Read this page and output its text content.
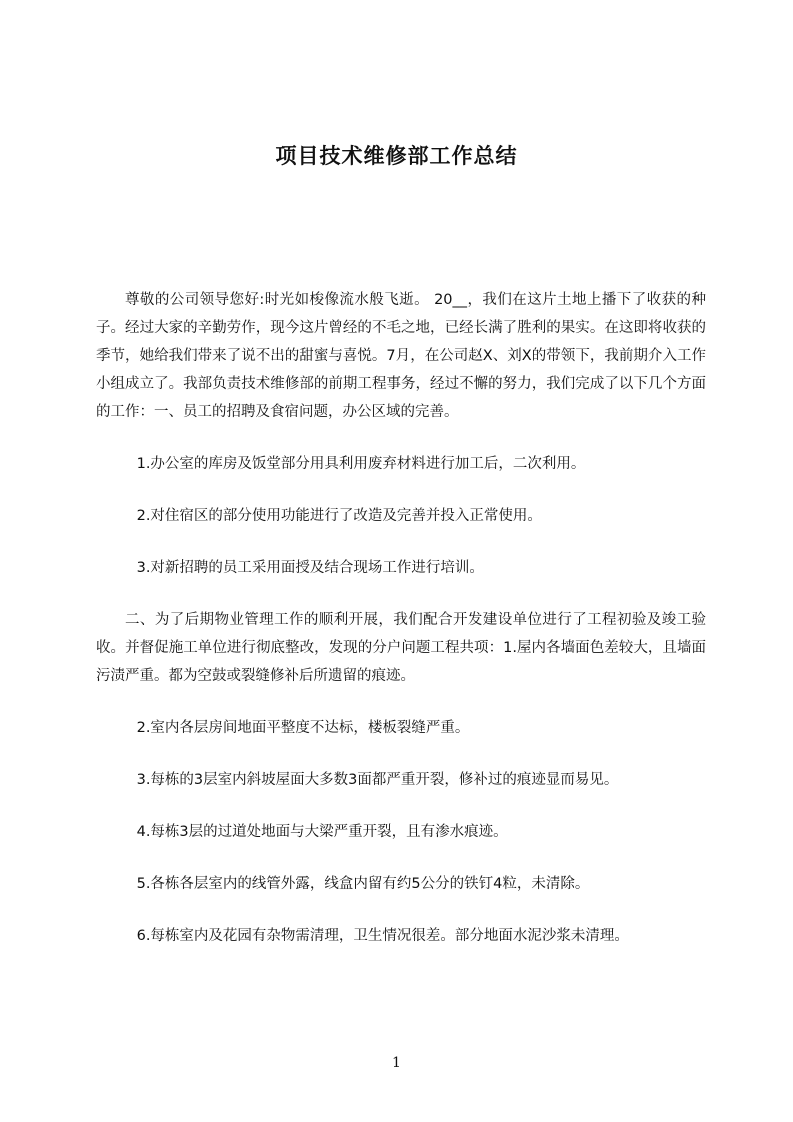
项目技术维修部工作总结

尊敬的公司领导您好:时光如梭像流水般飞逝。 20__，我们在这片土地上播下了收获的种子。经过大家的辛勤劳作，现今这片曾经的不毛之地，已经长满了胜利的果实。在这即将收获的季节，她给我们带来了说不出的甜蜜与喜悦。7月，在公司赵X、刘X的带领下，我前期介入工作小组成立了。我部负责技术维修部的前期工程事务，经过不懈的努力，我们完成了以下几个方面的工作：一、员工的招聘及食宿问题，办公区域的完善。

1.办公室的库房及饭堂部分用具利用废弃材料进行加工后，二次利用。

2.对住宿区的部分使用功能进行了改造及完善并投入正常使用。

3.对新招聘的员工采用面授及结合现场工作进行培训。

二、为了后期物业管理工作的顺利开展，我们配合开发建设单位进行了工程初验及竣工验收。并督促施工单位进行彻底整改，发现的分户问题工程共项：1.屋内各墙面色差较大，且墙面污渍严重。都为空鼓或裂缝修补后所遗留的痕迹。

2.室内各层房间地面平整度不达标，楼板裂缝严重。

3.每栋的3层室内斜坡屋面大多数3面都严重开裂，修补过的痕迹显而易见。

4.每栋3层的过道处地面与大梁严重开裂，且有渗水痕迹。

5.各栋各层室内的线管外露，线盒内留有约5公分的铁钉4粒，未清除。

6.每栋室内及花园有杂物需清理，卫生情况很差。部分地面水泥沙浆未清理。

1
